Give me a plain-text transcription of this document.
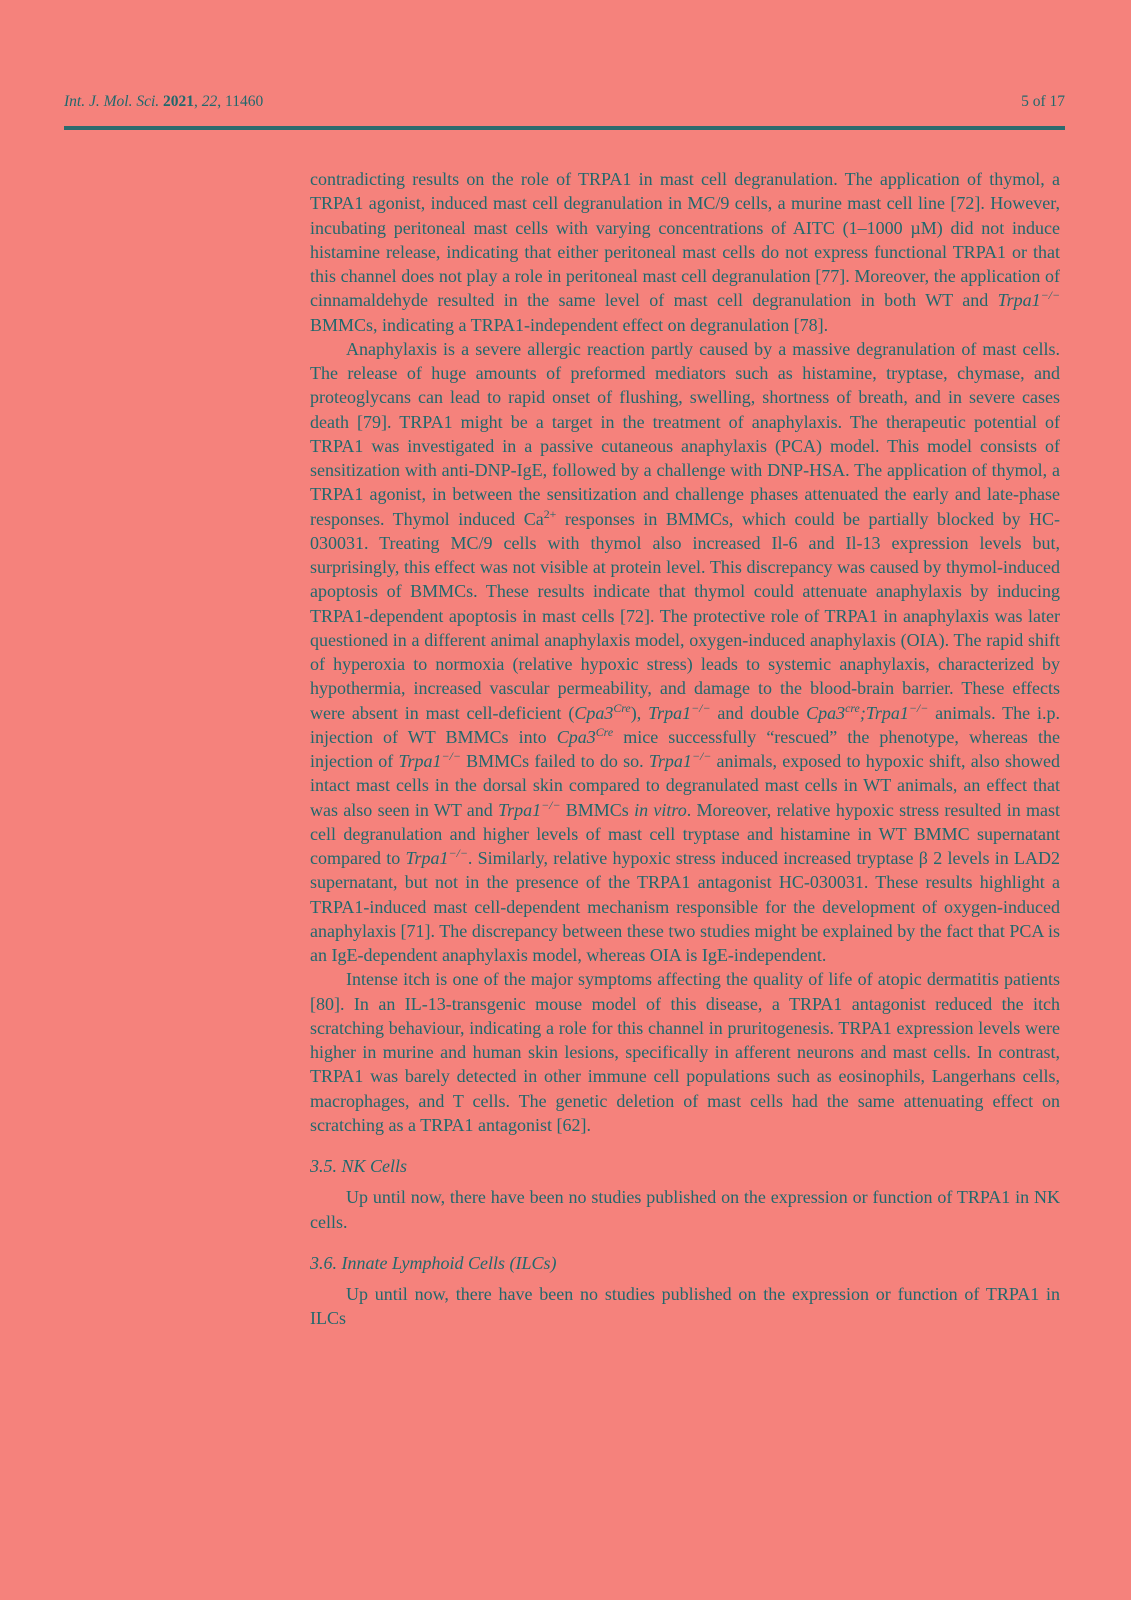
Int. J. Mol. Sci. 2021, 22, 11460	5 of 17

contradicting results on the role of TRPA1 in mast cell degranulation. The application of thymol, a TRPA1 agonist, induced mast cell degranulation in MC/9 cells, a murine mast cell line [72]. However, incubating peritoneal mast cells with varying concentrations of AITC (1–1000 µM) did not induce histamine release, indicating that either peritoneal mast cells do not express functional TRPA1 or that this channel does not play a role in peritoneal mast cell degranulation [77]. Moreover, the application of cinnamaldehyde resulted in the same level of mast cell degranulation in both WT and Trpa1−/− BMMCs, indicating a TRPA1-independent effect on degranulation [78].

Anaphylaxis is a severe allergic reaction partly caused by a massive degranulation of mast cells. The release of huge amounts of preformed mediators such as histamine, tryptase, chymase, and proteoglycans can lead to rapid onset of flushing, swelling, shortness of breath, and in severe cases death [79]. TRPA1 might be a target in the treatment of anaphylaxis. The therapeutic potential of TRPA1 was investigated in a passive cutaneous anaphylaxis (PCA) model. This model consists of sensitization with anti-DNP-IgE, followed by a challenge with DNP-HSA. The application of thymol, a TRPA1 agonist, in between the sensitization and challenge phases attenuated the early and late-phase responses. Thymol induced $Ca^{2+}$ responses in BMMCs, which could be partially blocked by HC-030031. Treating MC/9 cells with thymol also increased Il-6 and Il-13 expression levels but, surprisingly, this effect was not visible at protein level. This discrepancy was caused by thymol-induced apoptosis of BMMCs. These results indicate that thymol could attenuate anaphylaxis by inducing TRPA1-dependent apoptosis in mast cells [72]. The protective role of TRPA1 in anaphylaxis was later questioned in a different animal anaphylaxis model, oxygen-induced anaphylaxis (OIA). The rapid shift of hyperoxia to normoxia (relative hypoxic stress) leads to systemic anaphylaxis, characterized by hypothermia, increased vascular permeability, and damage to the blood-brain barrier. These effects were absent in mast cell-deficient $(Cpa3^{Cre})$, Trpa1−/− and double $Cpa3^{cre};Trpa1^{-/-}$ animals. The i.p. injection of WT BMMCs into $Cpa3^{Cre}$ mice successfully “rescued” the phenotype, whereas the injection of Trpa1−/− BMMCs failed to do so. Trpa1−/− animals, exposed to hypoxic shift, also showed intact mast cells in the dorsal skin compared to degranulated mast cells in WT animals, an effect that was also seen in WT and Trpa1−/− BMMCs in vitro. Moreover, relative hypoxic stress resulted in mast cell degranulation and higher levels of mast cell tryptase and histamine in WT BMMC supernatant compared to Trpa1−/−. Similarly, relative hypoxic stress induced increased tryptase β 2 levels in LAD2 supernatant, but not in the presence of the TRPA1 antagonist HC-030031. These results highlight a TRPA1-induced mast cell-dependent mechanism responsible for the development of oxygen-induced anaphylaxis [71]. The discrepancy between these two studies might be explained by the fact that PCA is an IgE-dependent anaphylaxis model, whereas OIA is IgE-independent.

Intense itch is one of the major symptoms affecting the quality of life of atopic dermatitis patients [80]. In an IL-13-transgenic mouse model of this disease, a TRPA1 antagonist reduced the itch scratching behaviour, indicating a role for this channel in pruritogenesis. TRPA1 expression levels were higher in murine and human skin lesions, specifically in afferent neurons and mast cells. In contrast, TRPA1 was barely detected in other immune cell populations such as eosinophils, Langerhans cells, macrophages, and T cells. The genetic deletion of mast cells had the same attenuating effect on scratching as a TRPA1 antagonist [62].

3.5. NK Cells

Up until now, there have been no studies published on the expression or function of TRPA1 in NK cells.

3.6. Innate Lymphoid Cells (ILCs)

Up until now, there have been no studies published on the expression or function of TRPA1 in ILCs
